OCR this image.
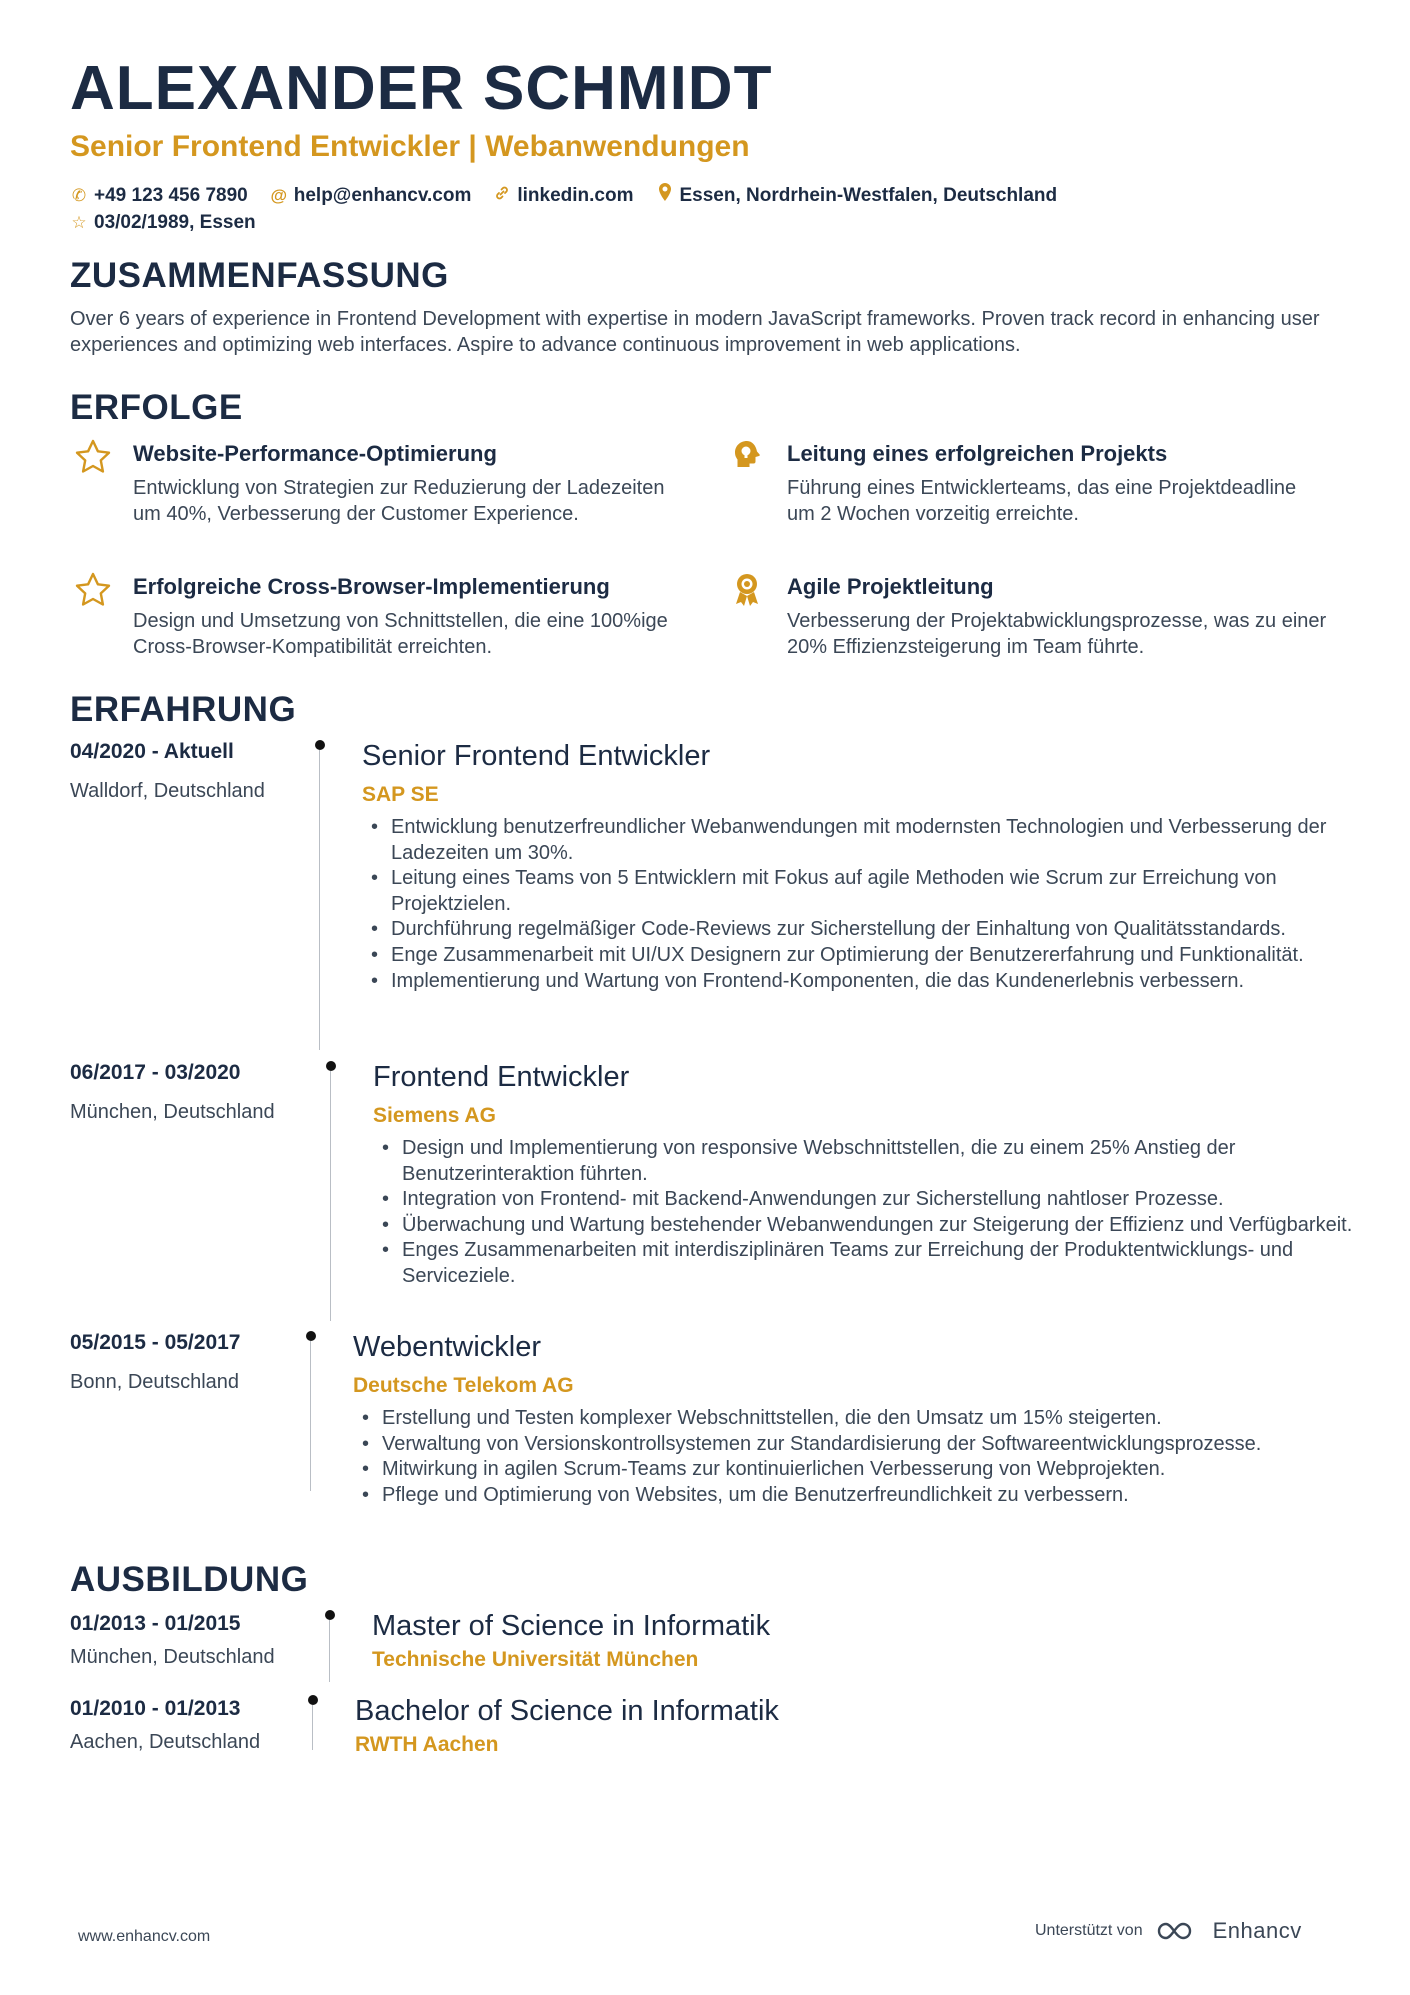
ALEXANDER SCHMIDT
Senior Frontend Entwickler | Webanwendungen
✆ +49 123 456 7890 @ help@enhancv.com linkedin.com Essen, Nordrhein-Westfalen, Deutschland
☆ 03/02/1989, Essen
ZUSAMMENFASSUNG
Over 6 years of experience in Frontend Development with expertise in modern JavaScript frameworks. Proven track record in enhancing user experiences and optimizing web interfaces. Aspire to advance continuous improvement in web applications.
ERFOLGE
Website-Performance-Optimierung
Entwicklung von Strategien zur Reduzierung der Ladezeiten um 40%, Verbesserung der Customer Experience.
Leitung eines erfolgreichen Projekts
Führung eines Entwicklerteams, das eine Projektdeadline um 2 Wochen vorzeitig erreichte.
Erfolgreiche Cross-Browser-Implementierung
Design und Umsetzung von Schnittstellen, die eine 100%ige Cross-Browser-Kompatibilität erreichten.
Agile Projektleitung
Verbesserung der Projektabwicklungsprozesse, was zu einer 20% Effizienzsteigerung im Team führte.
ERFAHRUNG
04/2020 - Aktuell
Walldorf, Deutschland
Senior Frontend Entwickler
SAP SE
• Entwicklung benutzerfreundlicher Webanwendungen mit modernsten Technologien und Verbesserung der Ladezeiten um 30%.
• Leitung eines Teams von 5 Entwicklern mit Fokus auf agile Methoden wie Scrum zur Erreichung von Projektzielen.
• Durchführung regelmäßiger Code-Reviews zur Sicherstellung der Einhaltung von Qualitätsstandards.
• Enge Zusammenarbeit mit UI/UX Designern zur Optimierung der Benutzererfahrung und Funktionalität.
• Implementierung und Wartung von Frontend-Komponenten, die das Kundenerlebnis verbessern.
06/2017 - 03/2020
München, Deutschland
Frontend Entwickler
Siemens AG
• Design und Implementierung von responsive Webschnittstellen, die zu einem 25% Anstieg der Benutzerinteraktion führten.
• Integration von Frontend- mit Backend-Anwendungen zur Sicherstellung nahtloser Prozesse.
• Überwachung und Wartung bestehender Webanwendungen zur Steigerung der Effizienz und Verfügbarkeit.
• Enges Zusammenarbeiten mit interdisziplinären Teams zur Erreichung der Produktentwicklungs- und Serviceziele.
05/2015 - 05/2017
Bonn, Deutschland
Webentwickler
Deutsche Telekom AG
• Erstellung und Testen komplexer Webschnittstellen, die den Umsatz um 15% steigerten.
• Verwaltung von Versionskontrollsystemen zur Standardisierung der Softwareentwicklungsprozesse.
• Mitwirkung in agilen Scrum-Teams zur kontinuierlichen Verbesserung von Webprojekten.
• Pflege und Optimierung von Websites, um die Benutzerfreundlichkeit zu verbessern.
AUSBILDUNG
01/2013 - 01/2015
München, Deutschland
Master of Science in Informatik
Technische Universität München
01/2010 - 01/2013
Aachen, Deutschland
Bachelor of Science in Informatik
RWTH Aachen
www.enhancv.com	Unterstützt von	Enhancv
